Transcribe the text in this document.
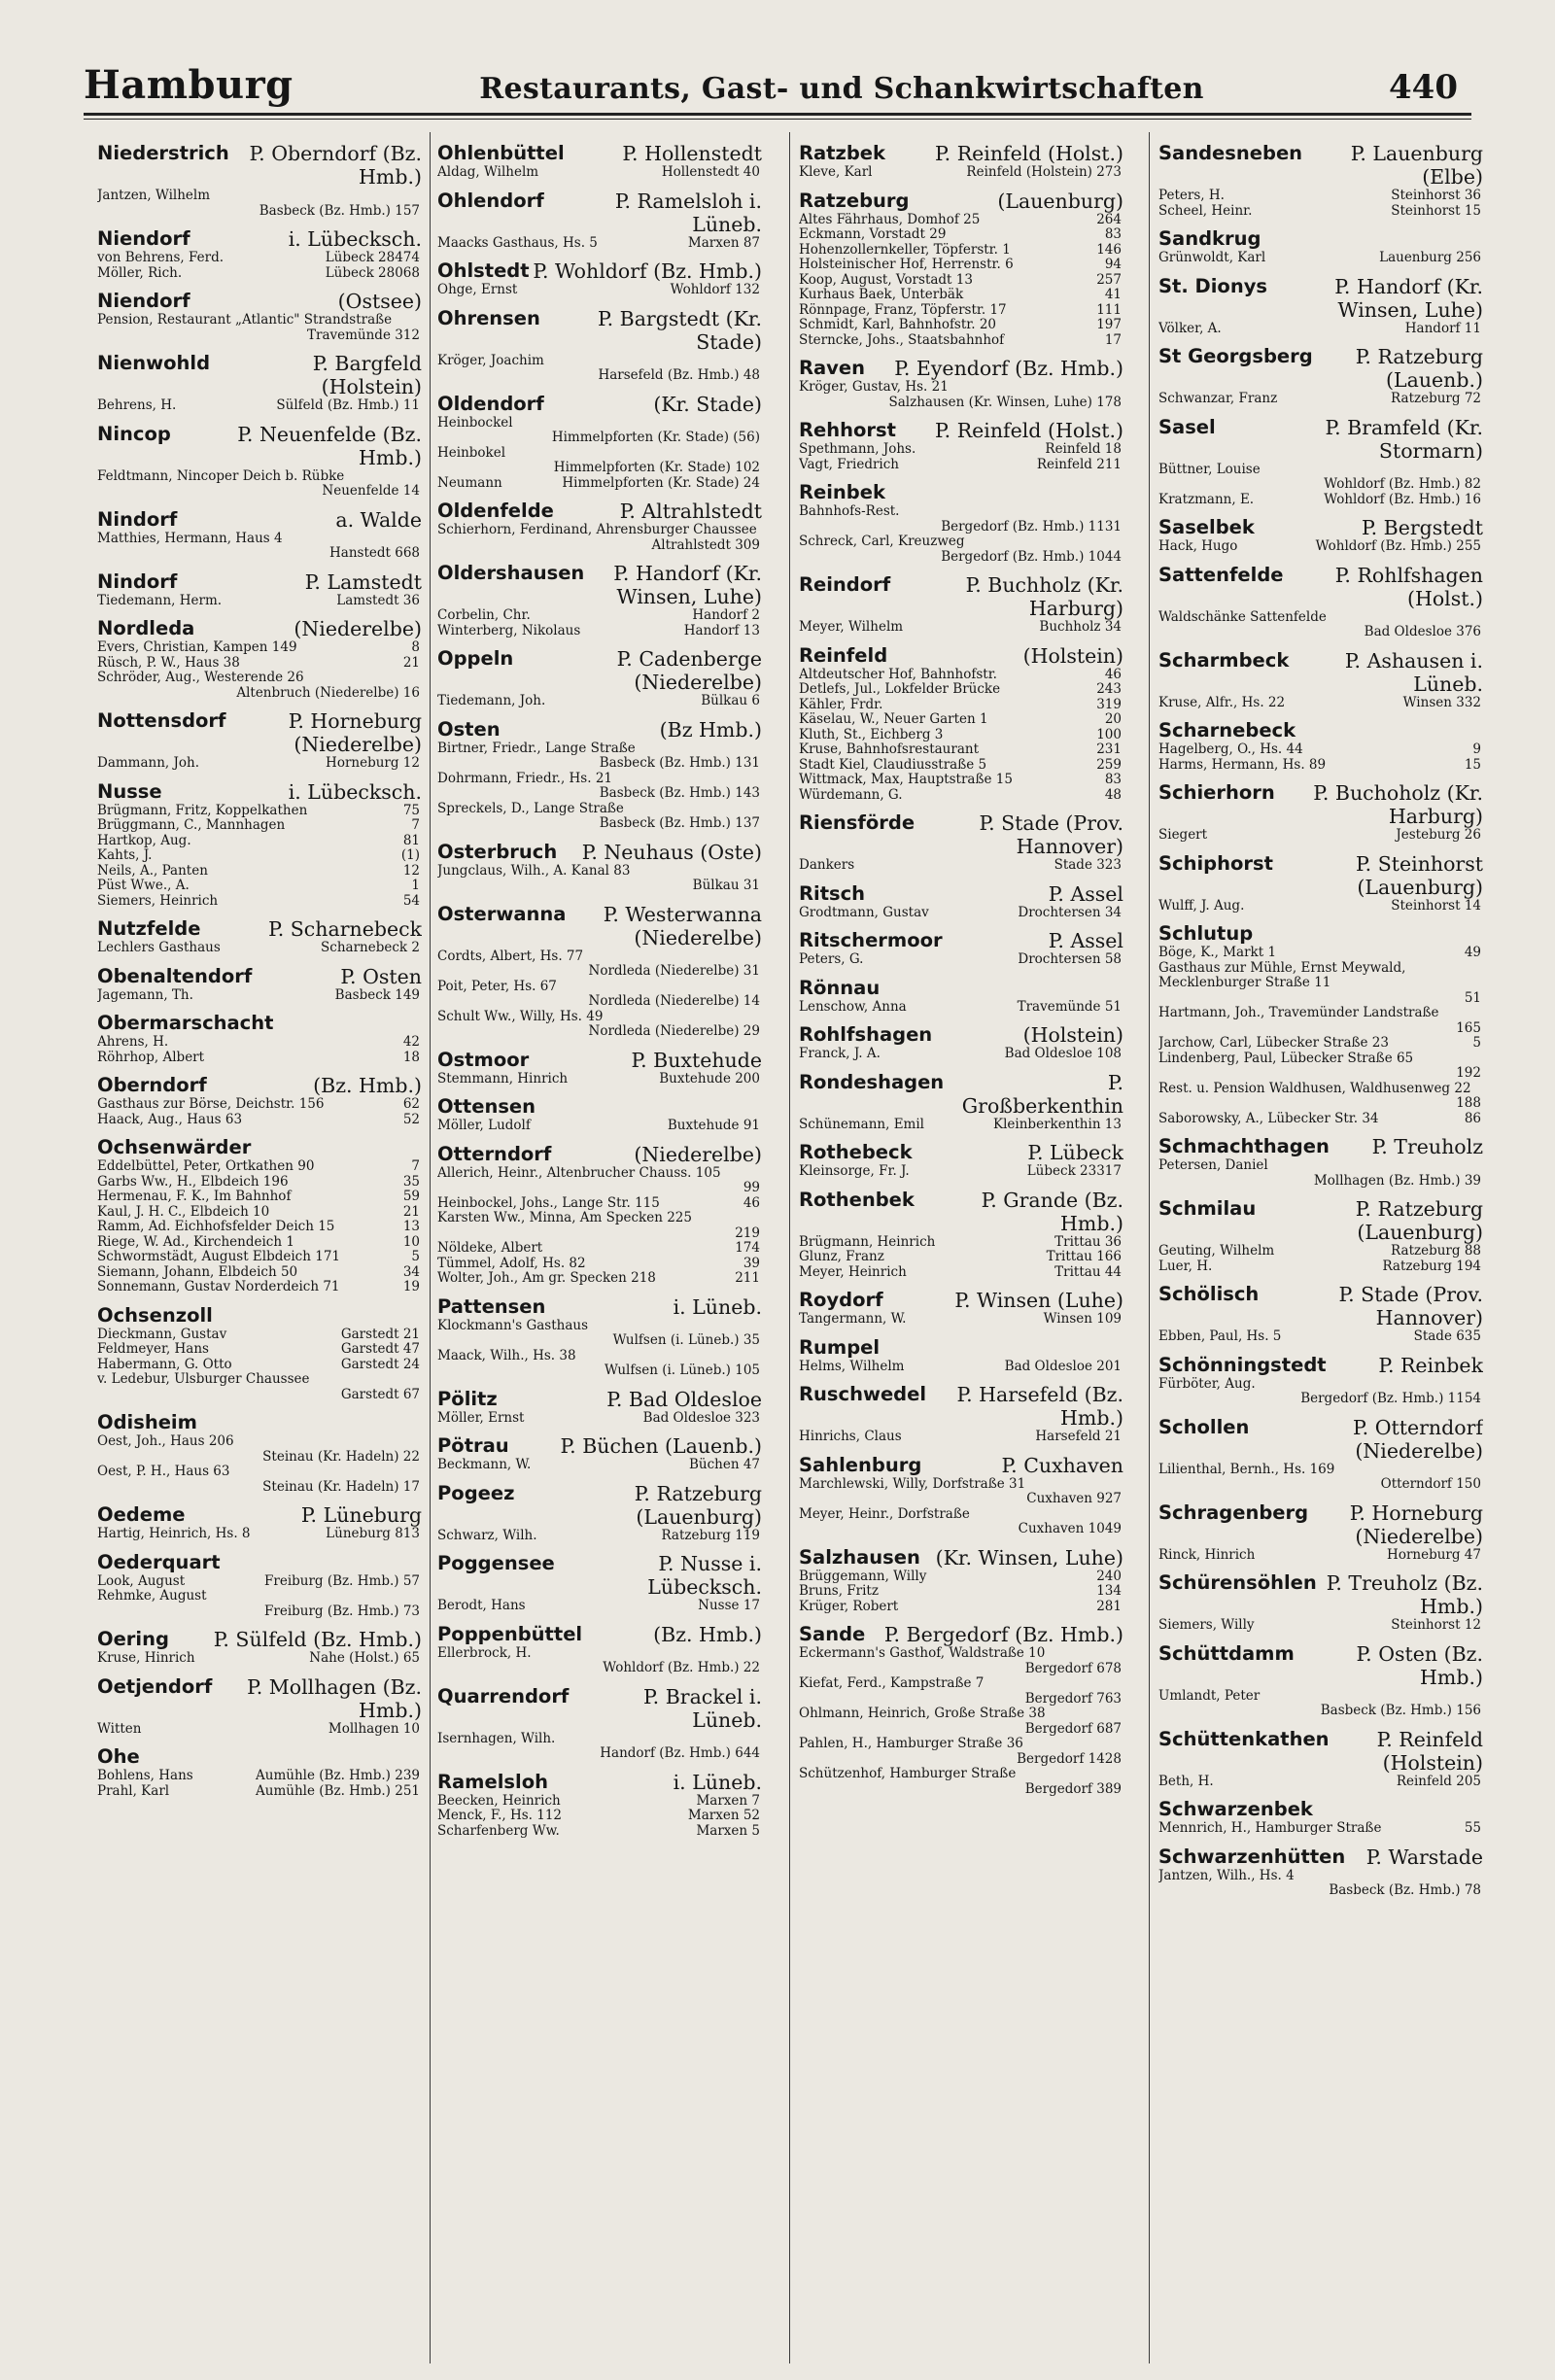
Hamburg	Restaurants, Gast- und Schankwirtschaften	440
Niederstrich P. Oberndorf (Bz. Hmb.)
Jantzen, Wilhelm
Basbeck (Bz. Hmb.) 157
Niendorf	i. Lübecksch.
von Behrens, Ferd.	Lübeck 28474
Möller, Rich.	Lübeck 28068
Niendorf	(Ostsee)
Pension, Restaurant „Atlantic" Strandstraße
Travemünde 312
Nienwohld	P. Bargfeld (Holstein)
Behrens, H.	Sülfeld (Bz. Hmb.) 11
Nincop	P. Neuenfelde (Bz. Hmb.)
Feldtmann, Nincoper Deich b. Rübke
Neuenfelde 14
Nindorf	a. Walde
Matthies, Hermann, Haus 4
Hanstedt 668
Nindorf	P. Lamstedt
Tiedemann, Herm.	Lamstedt 36
Nordleda	(Niederelbe)
Evers, Christian, Kampen 149	8
Rüsch, P. W., Haus 38	21
Schröder, Aug., Westerende 26
Altenbruch (Niederelbe) 16
Nottensdorf	P. Horneburg (Niederelbe)
Dammann, Joh.	Horneburg 12
Nusse	i. Lübecksch.
Brügmann, Fritz, Koppelkathen	75
Brüggmann, C., Mannhagen	7
Hartkop, Aug.	81
Kahts, J.	(1)
Neils, A., Panten	12
Püst Wwe., A.	1
Siemers, Heinrich	54
Nutzfelde	P. Scharnebeck
Lechlers Gasthaus	Scharnebeck 2
Obenaltendorf	P. Osten
Jagemann, Th.	Basbeck 149
Obermarschacht
Ahrens, H.	42
Röhrhop, Albert	18
Oberndorf	(Bz. Hmb.)
Gasthaus zur Börse, Deichstr. 156	62
Haack, Aug., Haus 63	52
Ochsenwärder
Eddelbüttel, Peter, Ortkathen 90	7
Garbs Ww., H., Elbdeich 196	35
Hermenau, F. K., Im Bahnhof	59
Kaul, J. H. C., Elbdeich 10	21
Ramm, Ad. Eichhofsfelder Deich 15	13
Riege, W. Ad., Kirchendeich 1	10
Schwormstädt, August Elbdeich 171	5
Siemann, Johann, Elbdeich 50	34
Sonnemann, Gustav Norderdeich 71	19
Ochsenzoll
Dieckmann, Gustav	Garstedt 21
Feldmeyer, Hans	Garstedt 47
Habermann, G. Otto	Garstedt 24
v. Ledebur, Ulsburger Chaussee
Garstedt 67
Odisheim
Oest, Joh., Haus 206
Steinau (Kr. Hadeln) 22
Oest, P. H., Haus 63
Steinau (Kr. Hadeln) 17
Oedeme	P. Lüneburg
Hartig, Heinrich, Hs. 8	Lüneburg 813
Oederquart
Look, August	Freiburg (Bz. Hmb.) 57
Rehmke, August
Freiburg (Bz. Hmb.) 73
Oering P. Sülfeld (Bz. Hmb.)
Kruse, Hinrich	Nahe (Holst.) 65
Oetjendorf P. Mollhagen (Bz. Hmb.)
Witten	Mollhagen 10
Ohe
Bohlens, Hans	Aumühle (Bz. Hmb.) 239
Prahl, Karl	Aumühle (Bz. Hmb.) 251
Ohlenbüttel	P. Hollenstedt
Aldag, Wilhelm	Hollenstedt 40
Ohlendorf	P. Ramelsloh i. Lüneb.
Maacks Gasthaus, Hs. 5	Marxen 87
Ohlstedt P. Wohldorf (Bz. Hmb.)
Ohge, Ernst	Wohldorf 132
Ohrensen	P. Bargstedt (Kr. Stade)
Kröger, Joachim
Harsefeld (Bz. Hmb.) 48
Oldendorf	(Kr. Stade)
Heinbockel
Himmelpforten (Kr. Stade) (56)
Heinbokel
Himmelpforten (Kr. Stade) 102
Neumann	Himmelpforten (Kr. Stade) 24
Oldenfelde	P. Altrahlstedt
Schierhorn, Ferdinand, Ahrensburger Chaussee
Altrahlstedt 309
Oldershausen P. Handorf (Kr. Winsen, Luhe)
Corbelin, Chr.	Handorf 2
Winterberg, Nikolaus	Handorf 13
Oppeln	P. Cadenberge (Niederelbe)
Tiedemann, Joh.	Bülkau 6
Osten	(Bz Hmb.)
Birtner, Friedr., Lange Straße
Basbeck (Bz. Hmb.) 131
Dohrmann, Friedr., Hs. 21
Basbeck (Bz. Hmb.) 143
Spreckels, D., Lange Straße
Basbeck (Bz. Hmb.) 137
Osterbruch P. Neuhaus (Oste)
Jungclaus, Wilh., A. Kanal 83
Bülkau 31
Osterwanna P. Westerwanna (Niederelbe)
Cordts, Albert, Hs. 77
Nordleda (Niederelbe) 31
Poit, Peter, Hs. 67
Nordleda (Niederelbe) 14
Schult Ww., Willy, Hs. 49
Nordleda (Niederelbe) 29
Ostmoor	P. Buxtehude
Stemmann, Hinrich	Buxtehude 200
Ottensen
Möller, Ludolf	Buxtehude 91
Otterndorf	(Niederelbe)
Allerich, Heinr., Altenbrucher Chauss. 105
99
Heinbockel, Johs., Lange Str. 115	46
Karsten Ww., Minna, Am Specken 225
219
Nöldeke, Albert	174
Tümmel, Adolf, Hs. 82	39
Wolter, Joh., Am gr. Specken 218	211
Pattensen	i. Lüneb.
Klockmann's Gasthaus
Wulfsen (i. Lüneb.) 35
Maack, Wilh., Hs. 38
Wulfsen (i. Lüneb.) 105
Pölitz	P. Bad Oldesloe
Möller, Ernst	Bad Oldesloe 323
Pötrau	P. Büchen (Lauenb.)
Beckmann, W.	Büchen 47
Pogeez	P. Ratzeburg (Lauenburg)
Schwarz, Wilh.	Ratzeburg 119
Poggensee	P. Nusse i. Lübecksch.
Berodt, Hans	Nusse 17
Poppenbüttel	(Bz. Hmb.)
Ellerbrock, H.
Wohldorf (Bz. Hmb.) 22
Quarrendorf	P. Brackel i. Lüneb.
Isernhagen, Wilh.
Handorf (Bz. Hmb.) 644
Ramelsloh	i. Lüneb.
Beecken, Heinrich	Marxen 7
Menck, F., Hs. 112	Marxen 52
Scharfenberg Ww.	Marxen 5
Ratzbek P. Reinfeld (Holst.)
Kleve, Karl	Reinfeld (Holstein) 273
Ratzeburg	(Lauenburg)
Altes Fährhaus, Domhof 25	264
Eckmann, Vorstadt 29	83
Hohenzollernkeller, Töpferstr. 1	146
Holsteinischer Hof, Herrenstr. 6	94
Koop, August, Vorstadt 13	257
Kurhaus Baek, Unterbäk	41
Rönnpage, Franz, Töpferstr. 17	111
Schmidt, Karl, Bahnhofstr. 20	197
Sterncke, Johs., Staatsbahnhof	17
Raven P. Eyendorf (Bz. Hmb.)
Kröger, Gustav, Hs. 21
Salzhausen (Kr. Winsen, Luhe) 178
Rehhorst P. Reinfeld (Holst.)
Spethmann, Johs.	Reinfeld 18
Vagt, Friedrich	Reinfeld 211
Reinbek
Bahnhofs-Rest.
Bergedorf (Bz. Hmb.) 1131
Schreck, Carl, Kreuzweg
Bergedorf (Bz. Hmb.) 1044
Reindorf	P. Buchholz (Kr. Harburg)
Meyer, Wilhelm	Buchholz 34
Reinfeld	(Holstein)
Altdeutscher Hof, Bahnhofstr.	46
Detlefs, Jul., Lokfelder Brücke	243
Kähler, Frdr.	319
Käselau, W., Neuer Garten 1	20
Kluth, St., Eichberg 3	100
Kruse, Bahnhofsrestaurant	231
Stadt Kiel, Claudiusstraße 5	259
Wittmack, Max, Hauptstraße 15	83
Würdemann, G.	48
Riensförde	P. Stade (Prov. Hannover)
Dankers	Stade 323
Ritsch	P. Assel
Grodtmann, Gustav	Drochtersen 34
Ritschermoor	P. Assel
Peters, G.	Drochtersen 58
Rönnau
Lenschow, Anna	Travemünde 51
Rohlfshagen	(Holstein)
Franck, J. A.	Bad Oldesloe 108
Rondeshagen	P. Großberkenthin
Schünemann, Emil	Kleinberkenthin 13
Rothebeck	P. Lübeck
Kleinsorge, Fr. J.	Lübeck 23317
Rothenbek	P. Grande (Bz. Hmb.)
Brügmann, Heinrich	Trittau 36
Glunz, Franz	Trittau 166
Meyer, Heinrich	Trittau 44
Roydorf	P. Winsen (Luhe)
Tangermann, W.	Winsen 109
Rumpel
Helms, Wilhelm	Bad Oldesloe 201
Ruschwedel P. Harsefeld (Bz. Hmb.)
Hinrichs, Claus	Harsefeld 21
Sahlenburg	P. Cuxhaven
Marchlewski, Willy, Dorfstraße 31
Cuxhaven 927
Meyer, Heinr., Dorfstraße
Cuxhaven 1049
Salzhausen (Kr. Winsen, Luhe)
Brüggemann, Willy	240
Bruns, Fritz	134
Krüger, Robert	281
Sande P. Bergedorf (Bz. Hmb.)
Eckermann's Gasthof, Waldstraße 10
Bergedorf 678
Kiefat, Ferd., Kampstraße 7
Bergedorf 763
Ohlmann, Heinrich, Große Straße 38
Bergedorf 687
Pahlen, H., Hamburger Straße 36
Bergedorf 1428
Schützenhof, Hamburger Straße
Bergedorf 389
Sandesneben P. Lauenburg (Elbe)
Peters, H.	Steinhorst 36
Scheel, Heinr.	Steinhorst 15
Sandkrug
Grünwoldt, Karl	Lauenburg 256
St. Dionys	P. Handorf (Kr. Winsen, Luhe)
Völker, A.	Handorf 11
St Georgsberg P. Ratzeburg (Lauenb.)
Schwanzar, Franz	Ratzeburg 72
Sasel	P. Bramfeld (Kr. Stormarn)
Büttner, Louise
Wohldorf (Bz. Hmb.) 82
Kratzmann, E.	Wohldorf (Bz. Hmb.) 16
Saselbek	P. Bergstedt
Hack, Hugo	Wohldorf (Bz. Hmb.) 255
Sattenfelde	P. Rohlfshagen (Holst.)
Waldschänke Sattenfelde
Bad Oldesloe 376
Scharmbeck	P. Ashausen i. Lüneb.
Kruse, Alfr., Hs. 22	Winsen 332
Scharnebeck
Hagelberg, O., Hs. 44	9
Harms, Hermann, Hs. 89	15
Schierhorn P. Buchoholz (Kr. Harburg)
Siegert	Jesteburg 26
Schiphorst	P. Steinhorst (Lauenburg)
Wulff, J. Aug.	Steinhorst 14
Schlutup
Böge, K., Markt 1	49
Gasthaus zur Mühle, Ernst Meywald, Mecklenburger Straße 11
51
Hartmann, Joh., Travemünder Landstraße
165
Jarchow, Carl, Lübecker Straße 23	5
Lindenberg, Paul, Lübecker Straße 65
192
Rest. u. Pension Waldhusen, Waldhusenweg 22
188
Saborowsky, A., Lübecker Str. 34	86
Schmachthagen P. Treuholz
Petersen, Daniel
Mollhagen (Bz. Hmb.) 39
Schmilau	P. Ratzeburg (Lauenburg)
Geuting, Wilhelm	Ratzeburg 88
Luer, H.	Ratzeburg 194
Schölisch	P. Stade (Prov. Hannover)
Ebben, Paul, Hs. 5	Stade 635
Schönningstedt	P. Reinbek
Fürböter, Aug.
Bergedorf (Bz. Hmb.) 1154
Schollen	P. Otterndorf (Niederelbe)
Lilienthal, Bernh., Hs. 169
Otterndorf 150
Schragenberg P. Horneburg (Niederelbe)
Rinck, Hinrich	Horneburg 47
Schürensöhlen P. Treuholz (Bz. Hmb.)
Siemers, Willy	Steinhorst 12
Schüttdamm	P. Osten (Bz. Hmb.)
Umlandt, Peter
Basbeck (Bz. Hmb.) 156
Schüttenkathen P. Reinfeld (Holstein)
Beth, H.	Reinfeld 205
Schwarzenbek
Mennrich, H., Hamburger Straße	55
Schwarzenhütten P. Warstade
Jantzen, Wilh., Hs. 4
Basbeck (Bz. Hmb.) 78
